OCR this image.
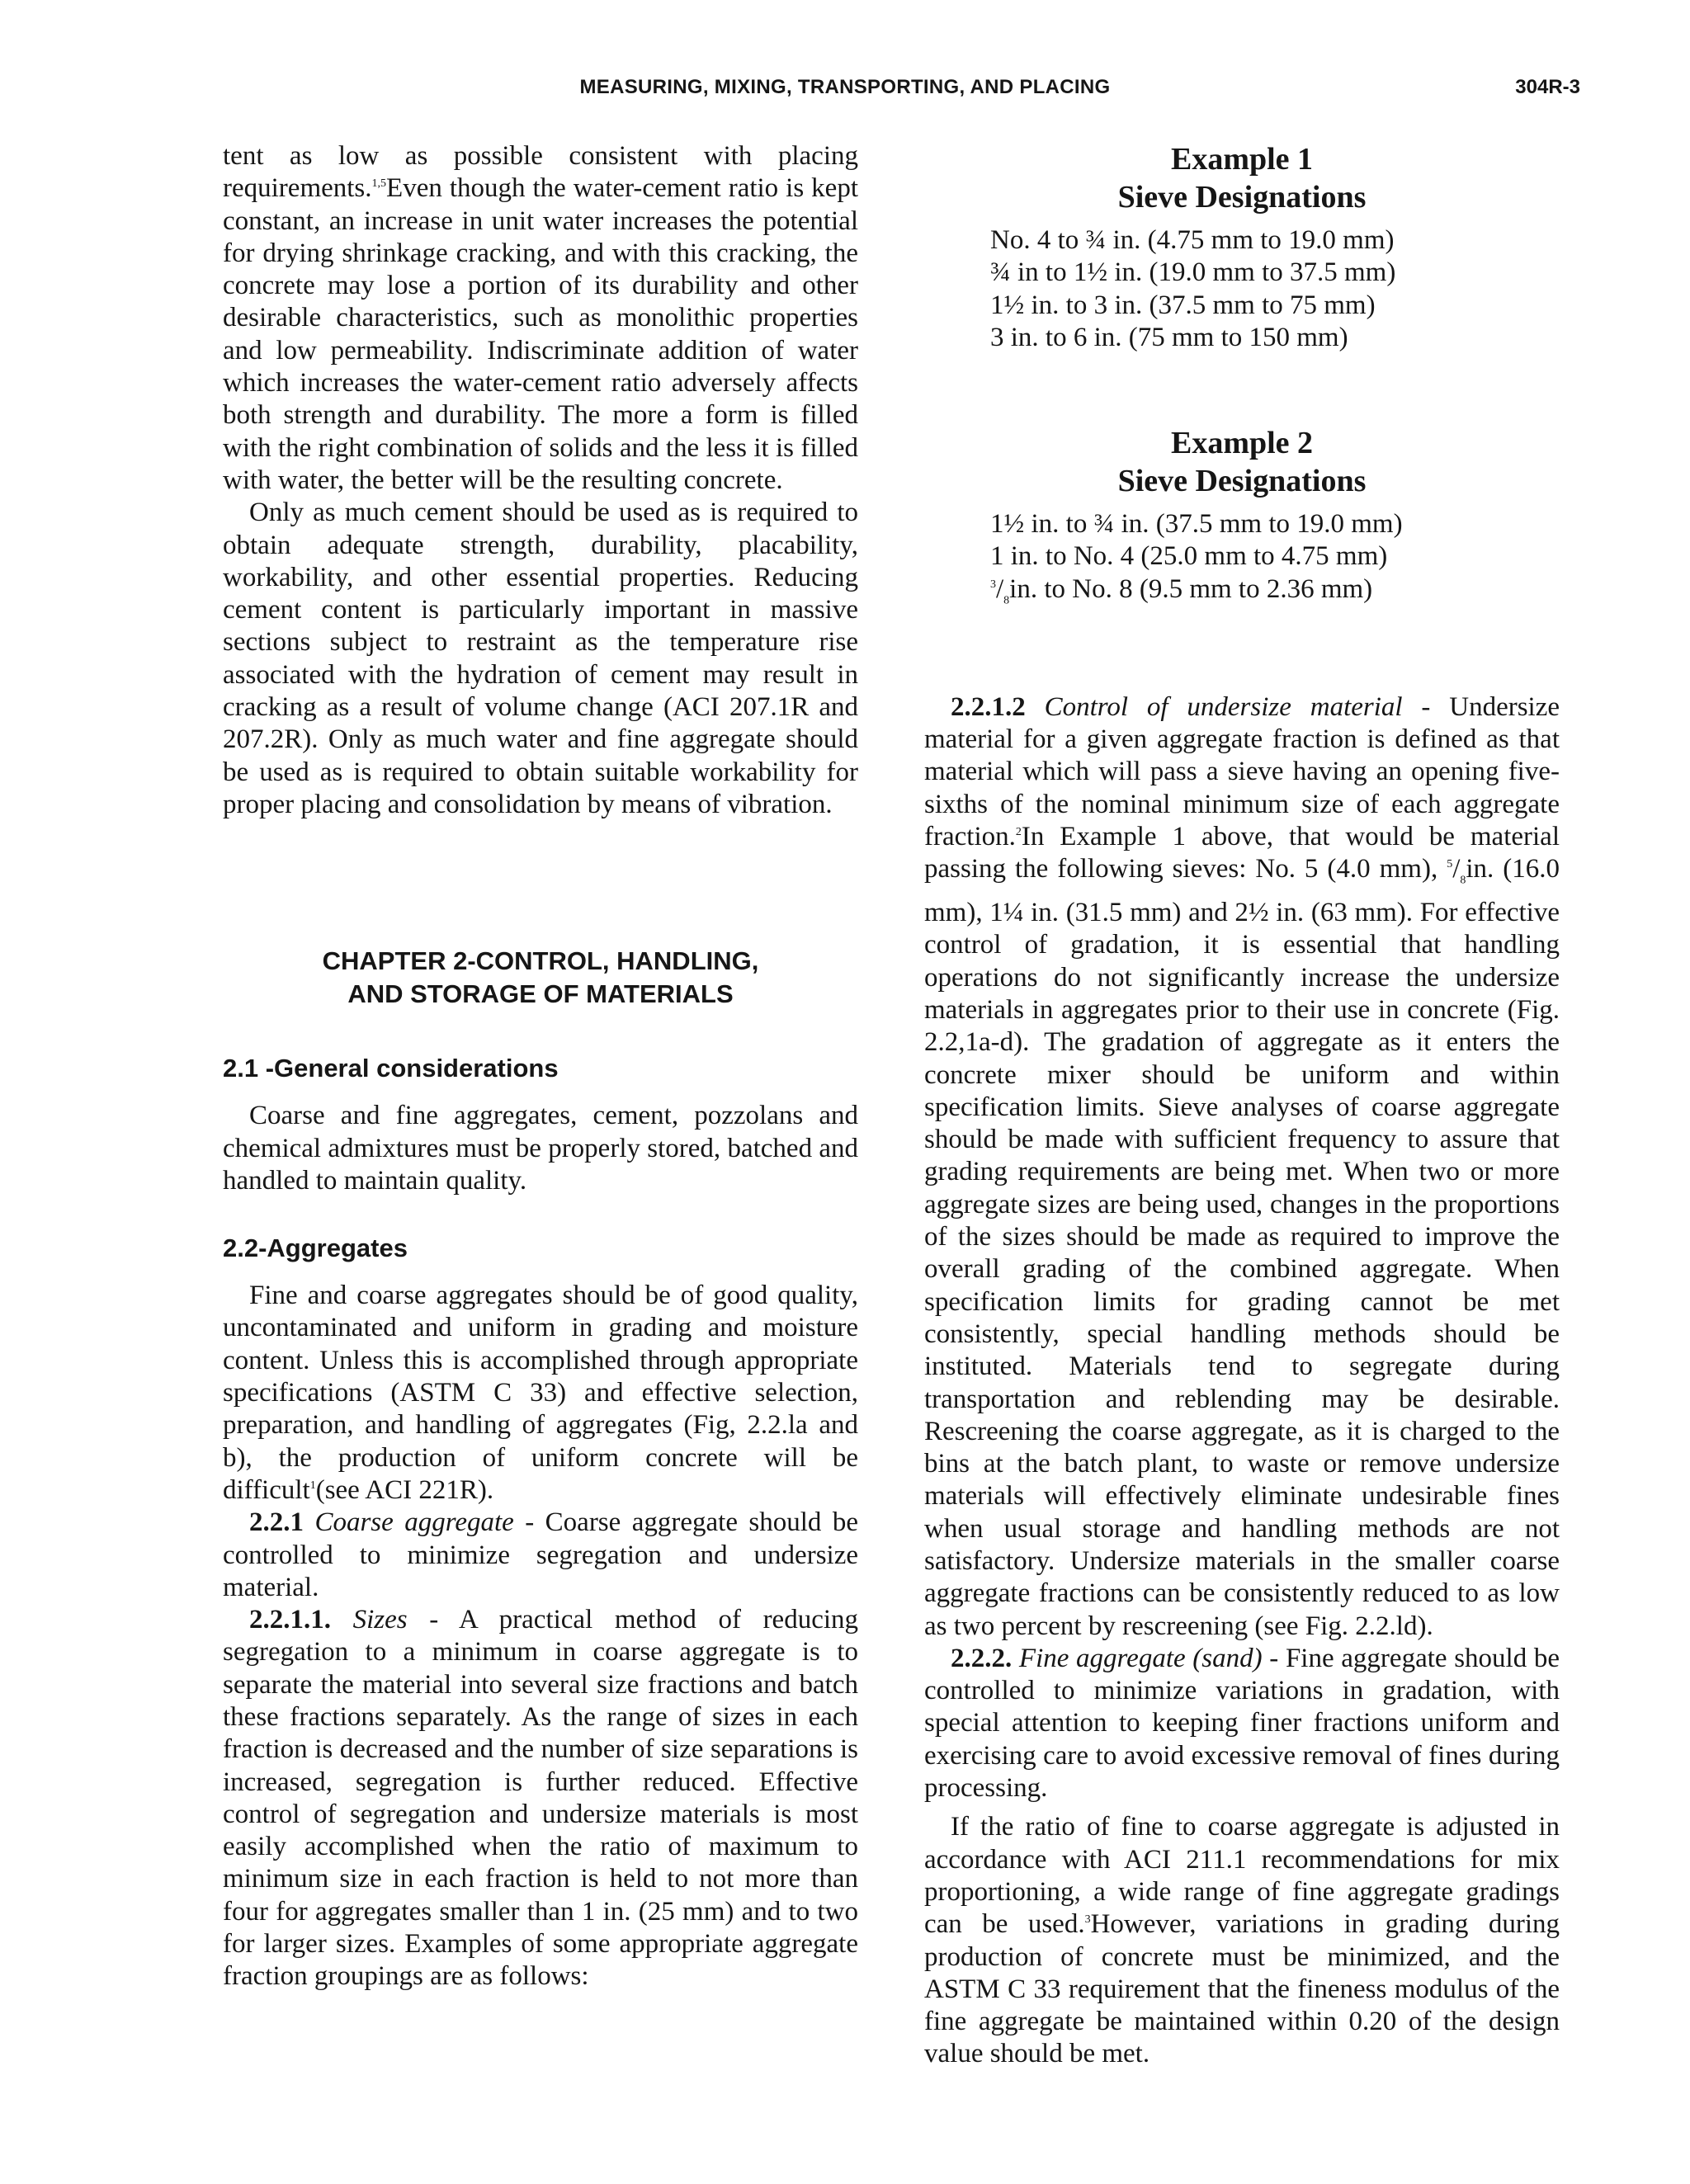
MEASURING, MIXING, TRANSPORTING, AND PLACING	304R-3

tent as low as possible consistent with placing requirements.$^{1,5}$Even though the water-cement ratio is kept constant, an increase in unit water increases the potential for drying shrinkage cracking, and with this cracking, the concrete may lose a portion of its durability and other desirable characteristics, such as monolithic properties and low permeability. Indiscriminate addition of water which increases the water-cement ratio adversely affects both strength and durability. The more a form is filled with the right combination of solids and the less it is filled with water, the better will be the resulting concrete.

Only as much cement should be used as is required to obtain adequate strength, durability, placability, workability, and other essential properties. Reducing cement content is particularly important in massive sections subject to restraint as the temperature rise associated with the hydration of cement may result in cracking as a result of volume change (ACI 207.1R and 207.2R). Only as much water and fine aggregate should be used as is required to obtain suitable workability for proper placing and consolidation by means of vibration.

CHAPTER 2-CONTROL, HANDLING,
AND STORAGE OF MATERIALS
2.1 -General considerations

Coarse and fine aggregates, cement, pozzolans and chemical admixtures must be properly stored, batched and handled to maintain quality.

2.2-Aggregates

Fine and coarse aggregates should be of good quality, uncontaminated and uniform in grading and moisture content. Unless this is accomplished through appropriate specifications (ASTM C 33) and effective selection, preparation, and handling of aggregates (Fig, 2.2.la and b), the production of uniform concrete will be difficult$^1$(see ACI 221R).

2.2.1 Coarse aggregate - Coarse aggregate should be controlled to minimize segregation and undersize material.

2.2.1.1. Sizes - A practical method of reducing segregation to a minimum in coarse aggregate is to separate the material into several size fractions and batch these fractions separately. As the range of sizes in each fraction is decreased and the number of size separations is increased, segregation is further reduced. Effective control of segregation and undersize materials is most easily accomplished when the ratio of maximum to minimum size in each fraction is held to not more than four for aggregates smaller than 1 in. (25 mm) and to two for larger sizes. Examples of some appropriate aggregate fraction groupings are as follows:

Example 1
Sieve Designations
No. 4 to ¾ in. (4.75 mm to 19.0 mm)
¾ in to 1½ in. (19.0 mm to 37.5 mm)
1½ in. to 3 in. (37.5 mm to 75 mm)
3 in. to 6 in. (75 mm to 150 mm)
Example 2
Sieve Designations
1½ in. to ¾ in. (37.5 mm to 19.0 mm)
1 in. to No. 4 (25.0 mm to 4.75 mm)
$^3/_8in$. to No. 8 (9.5 mm to 2.36 mm)

2.2.1.2 Control of undersize material - Undersize material for a given aggregate fraction is defined as that material which will pass a sieve having an opening five-sixths of the nominal minimum size of each aggregate fraction.$^2$In Example 1 above, that would be material passing the following sieves: No. 5 (4.0 mm), $^5/_8in$. (16.0 mm), 1¼ in. (31.5 mm) and 2½ in. (63 mm). For effective control of gradation, it is essential that handling operations do not significantly increase the undersize materials in aggregates prior to their use in concrete (Fig. 2.2,1a-d). The gradation of aggregate as it enters the concrete mixer should be uniform and within specification limits. Sieve analyses of coarse aggregate should be made with sufficient frequency to assure that grading requirements are being met. When two or more aggregate sizes are being used, changes in the proportions of the sizes should be made as required to improve the overall grading of the combined aggregate. When specification limits for grading cannot be met consistently, special handling methods should be instituted. Materials tend to segregate during transportation and reblending may be desirable. Rescreening the coarse aggregate, as it is charged to the bins at the batch plant, to waste or remove undersize materials will effectively eliminate undesirable fines when usual storage and handling methods are not satisfactory. Undersize materials in the smaller coarse aggregate fractions can be consistently reduced to as low as two percent by rescreening (see Fig. 2.2.ld).

2.2.2. Fine aggregate (sand) - Fine aggregate should be controlled to minimize variations in gradation, with special attention to keeping finer fractions uniform and exercising care to avoid excessive removal of fines during processing.

If the ratio of fine to coarse aggregate is adjusted in accordance with ACI 211.1 recommendations for mix proportioning, a wide range of fine aggregate gradings can be used.$^3$However, variations in grading during production of concrete must be minimized, and the ASTM C 33 requirement that the fineness modulus of the fine aggregate be maintained within 0.20 of the design value should be met.
